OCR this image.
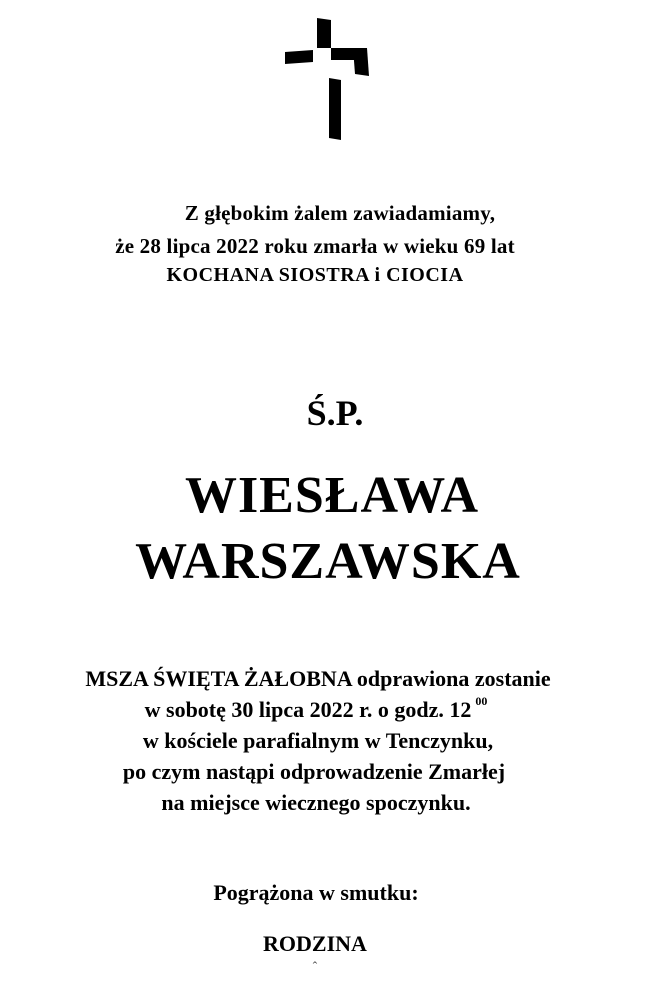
Z głębokim żalem zawiadamiamy,

że 28 lipca 2022 roku zmarła w wieku 69 lat

KOCHANA SIOSTRA i CIOCIA

Ś.P.

WIESŁAWA

WARSZAWSKA

MSZA ŚWIĘTA ŻAŁOBNA odprawiona zostanie

w sobotę 30 lipca 2022 r. o godz. 12 $^{00}$

w kościele parafialnym w Tenczynku,

po czym nastąpi odprowadzenie Zmarłej

na miejsce wiecznego spoczynku.

Pogrążona w smutku:

RODZINA

^
